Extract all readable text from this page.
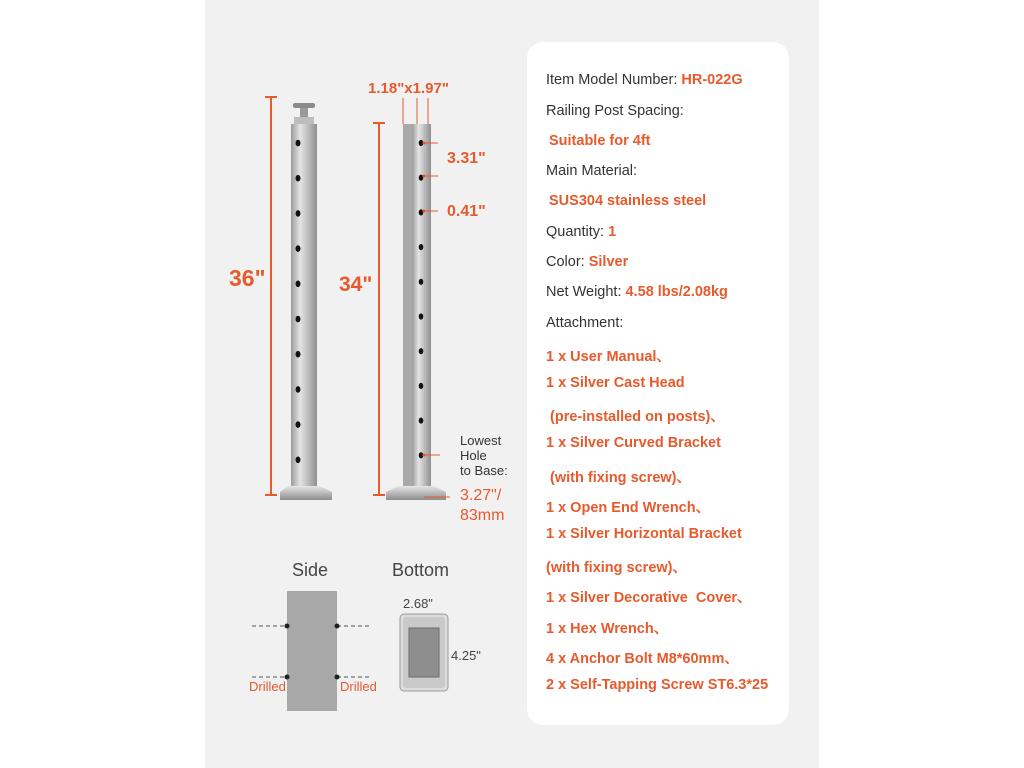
36"	34"
1.18"x1.97"
3.31"
0.41"
Lowest
Hole
to Base:
3.27"/
83mm
Side	Bottom
Drilled	Drilled
2.68"
4.25"
Item Model Number: HR-022G
Railing Post Spacing:
Suitable for 4ft
Main Material:
SUS304 stainless steel
Quantity: 1
Color: Silver
Net Weight: 4.58 lbs/2.08kg
Attachment:
1 x User Manual、
1 x Silver Cast Head
(pre-installed on posts)、
1 x Silver Curved Bracket
(with fixing screw)、
1 x Open End Wrench、
1 x Silver Horizontal Bracket
(with fixing screw)、
1 x Silver Decorative  Cover、
1 x Hex Wrench、
4 x Anchor Bolt M8*60mm、
2 x Self-Tapping Screw ST6.3*25
